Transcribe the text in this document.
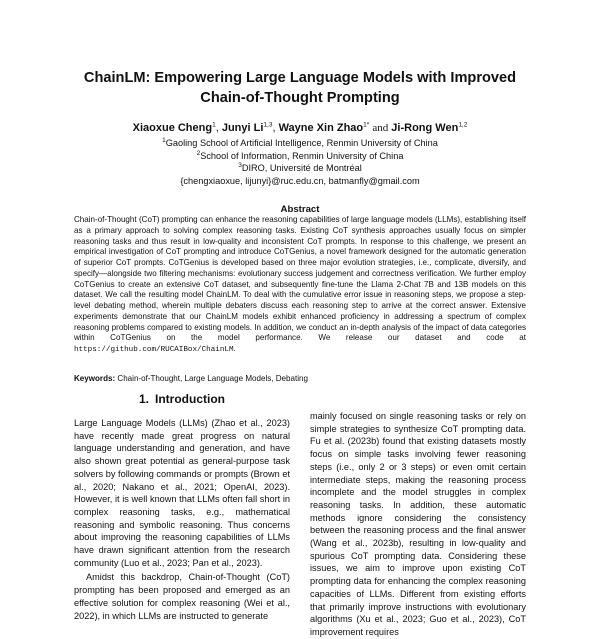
ChainLM: Empowering Large Language Models with Improved
Chain-of-Thought Prompting
Xiaoxue Cheng$^1$, Junyi Li$^{1,3}$, Wayne Xin Zhao$^{1*}$ and Ji-Rong Wen$^{1,2}$
$^1$Gaoling School of Artificial Intelligence, Renmin University of China
$^2$School of Information, Renmin University of China
$^3$DIRO, Université de Montréal
{chengxiaoxue, lijunyi}@ruc.edu.cn, batmanfly@gmail.com
Abstract
Chain-of-Thought (CoT) prompting can enhance the reasoning capabilities of large language models (LLMs), establishing itself as a primary approach to solving complex reasoning tasks. Existing CoT synthesis approaches usually focus on simpler reasoning tasks and thus result in low-quality and inconsistent CoT prompts. In response to this challenge, we present an empirical investigation of CoT prompting and introduce CoTGenius, a novel framework designed for the automatic generation of superior CoT prompts. CoTGenius is developed based on three major evolution strategies, i.e., complicate, diversify, and specify—alongside two filtering mechanisms: evolutionary success judgement and correctness verification. We further employ CoTGenius to create an extensive CoT dataset, and subsequently fine-tune the Llama 2-Chat 7B and 13B models on this dataset. We call the resulting model ChainLM. To deal with the cumulative error issue in reasoning steps, we propose a step-level debating method, wherein multiple debaters discuss each reasoning step to arrive at the correct answer. Extensive experiments demonstrate that our ChainLM models exhibit enhanced proficiency in addressing a spectrum of complex reasoning problems compared to existing models. In addition, we conduct an in-depth analysis of the impact of data categories within CoTGenius on the model performance. We release our dataset and code at https://github.com/RUCAIBox/ChainLM.
Keywords: Chain-of-Thought, Large Language Models, Debating
1. Introduction

Large Language Models (LLMs) (Zhao et al., 2023) have recently made great progress on natural language understanding and generation, and have also shown great potential as general-purpose task solvers by following commands or prompts (Brown et al., 2020; Nakano et al., 2021; OpenAI, 2023). However, it is well known that LLMs often fall short in complex reasoning tasks, e.g., mathematical reasoning and symbolic reasoning. Thus concerns about improving the reasoning capabilities of LLMs have drawn significant attention from the research community (Luo et al., 2023; Pan et al., 2023).

Amidst this backdrop, Chain-of-Thought (CoT) prompting has been proposed and emerged as an effective solution for complex reasoning (Wei et al., 2022), in which LLMs are instructed to generate

mainly focused on single reasoning tasks or rely on simple strategies to synthesize CoT prompting data. Fu et al. (2023b) found that existing datasets mostly focus on simple tasks involving fewer reasoning steps (i.e., only 2 or 3 steps) or even omit certain intermediate steps, making the reasoning process incomplete and the model struggles in complex reasoning tasks. In addition, these automatic methods ignore considering the consistency between the reasoning process and the final answer (Wang et al., 2023b), resulting in low-quality and spurious CoT prompting data. Considering these issues, we aim to improve upon existing CoT prompting data for enhancing the complex reasoning capacities of LLMs. Different from existing efforts that primarily improve instructions with evolutionary algorithms (Xu et al., 2023; Guo et al., 2023), CoT improvement requires
